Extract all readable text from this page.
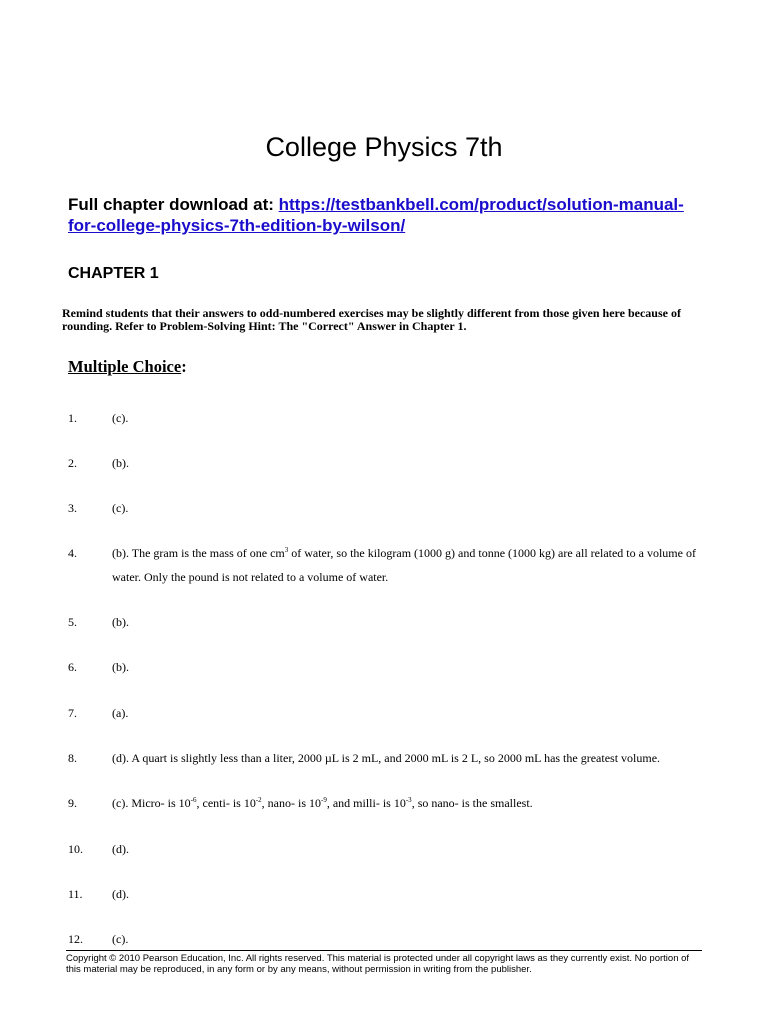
College Physics 7th
Full chapter download at: https://testbankbell.com/product/solution-manual-
for-college-physics-7th-edition-by-wilson/
CHAPTER 1
Remind students that their answers to odd-numbered exercises may be slightly different from those given here because of rounding. Refer to Problem-Solving Hint: The "Correct" Answer in Chapter 1.
Multiple Choice:
1.	(c).
2.	(b).
3.	(c).
4.	(b). The gram is the mass of one $cm^3$ of water, so the kilogram (1000 g) and tonne (1000 kg) are all related to a volume of water. Only the pound is not related to a volume of water.
5.	(b).
6.	(b).
7.	(a).
8.	(d). A quart is slightly less than a liter, 2000 µL is 2 mL, and 2000 mL is 2 L, so 2000 mL has the greatest volume.
9.	(c). Micro- is $10^{-6}$, centi- is $10^{-2}$, nano- is $10^{-9}$, and milli- is $10^{-3}$, so nano- is the smallest.
10. (d).
11. (d).
12. (c).
Copyright © 2010 Pearson Education, Inc. All rights reserved. This material is protected under all copyright laws as they currently exist. No portion of this material may be reproduced, in any form or by any means, without permission in writing from the publisher.
